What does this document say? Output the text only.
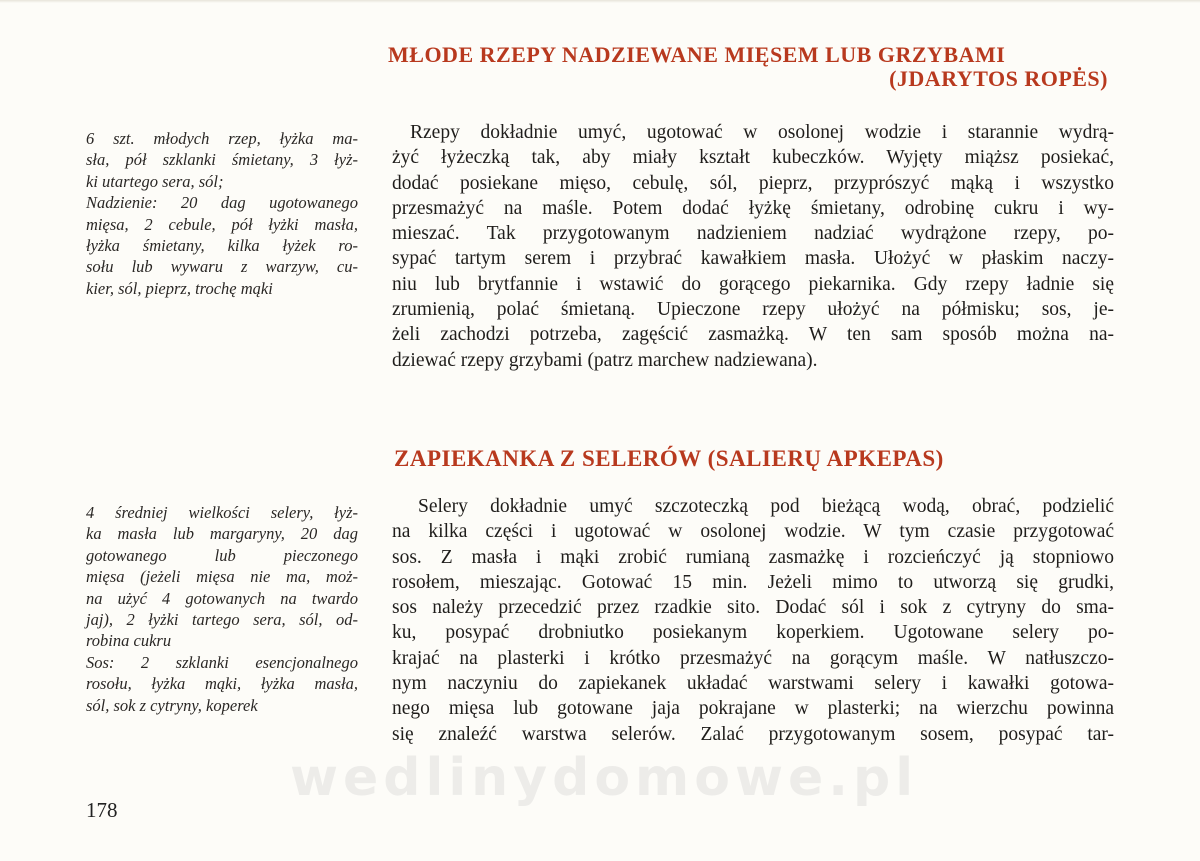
MŁODE RZEPY NADZIEWANE MIĘSEM LUB GRZYBAMI
(JDARYTOS ROPĖS)
6 szt. młodych rzep, łyżka ma-
sła, pół szklanki śmietany, 3 łyż-
ki utartego sera, sól;
Nadzienie: 20 dag ugotowanego
mięsa, 2 cebule, pół łyżki masła,
łyżka śmietany, kilka łyżek ro-
sołu lub wywaru z warzyw, cu-
kier, sól, pieprz, trochę mąki
Rzepy dokładnie umyć, ugotować w osolonej wodzie i starannie wydrą-
żyć łyżeczką tak, aby miały kształt kubeczków. Wyjęty miąższ posiekać,
dodać posiekane mięso, cebulę, sól, pieprz, przyprószyć mąką i wszystko
przesmażyć na maśle. Potem dodać łyżkę śmietany, odrobinę cukru i wy-
mieszać. Tak przygotowanym nadzieniem nadziać wydrążone rzepy, po-
sypać tartym serem i przybrać kawałkiem masła. Ułożyć w płaskim naczy-
niu lub brytfannie i wstawić do gorącego piekarnika. Gdy rzepy ładnie się
zrumienią, polać śmietaną. Upieczone rzepy ułożyć na półmisku; sos, je-
żeli zachodzi potrzeba, zagęścić zasmażką. W ten sam sposób można na-
dziewać rzepy grzybami (patrz marchew nadziewana).
ZAPIEKANKA Z SELERÓW (SALIERŲ APKEPAS)
4 średniej wielkości selery, łyż-
ka masła lub margaryny, 20 dag
gotowanego lub pieczonego
mięsa (jeżeli mięsa nie ma, moż-
na użyć 4 gotowanych na twardo
jaj), 2 łyżki tartego sera, sól, od-
robina cukru
Sos: 2 szklanki esencjonalnego
rosołu, łyżka mąki, łyżka masła,
sól, sok z cytryny, koperek
Selery dokładnie umyć szczoteczką pod bieżącą wodą, obrać, podzielić
na kilka części i ugotować w osolonej wodzie. W tym czasie przygotować
sos. Z masła i mąki zrobić rumianą zasmażkę i rozcieńczyć ją stopniowo
rosołem, mieszając. Gotować 15 min. Jeżeli mimo to utworzą się grudki,
sos należy przecedzić przez rzadkie sito. Dodać sól i sok z cytryny do sma-
ku, posypać drobniutko posiekanym koperkiem. Ugotowane selery po-
krajać na plasterki i krótko przesmażyć na gorącym maśle. W natłuszczo-
nym naczyniu do zapiekanek układać warstwami selery i kawałki gotowa-
nego mięsa lub gotowane jaja pokrajane w plasterki; na wierzchu powinna
się znaleźć warstwa selerów. Zalać przygotowanym sosem, posypać tar-
wedlinydomowe.pl
178
